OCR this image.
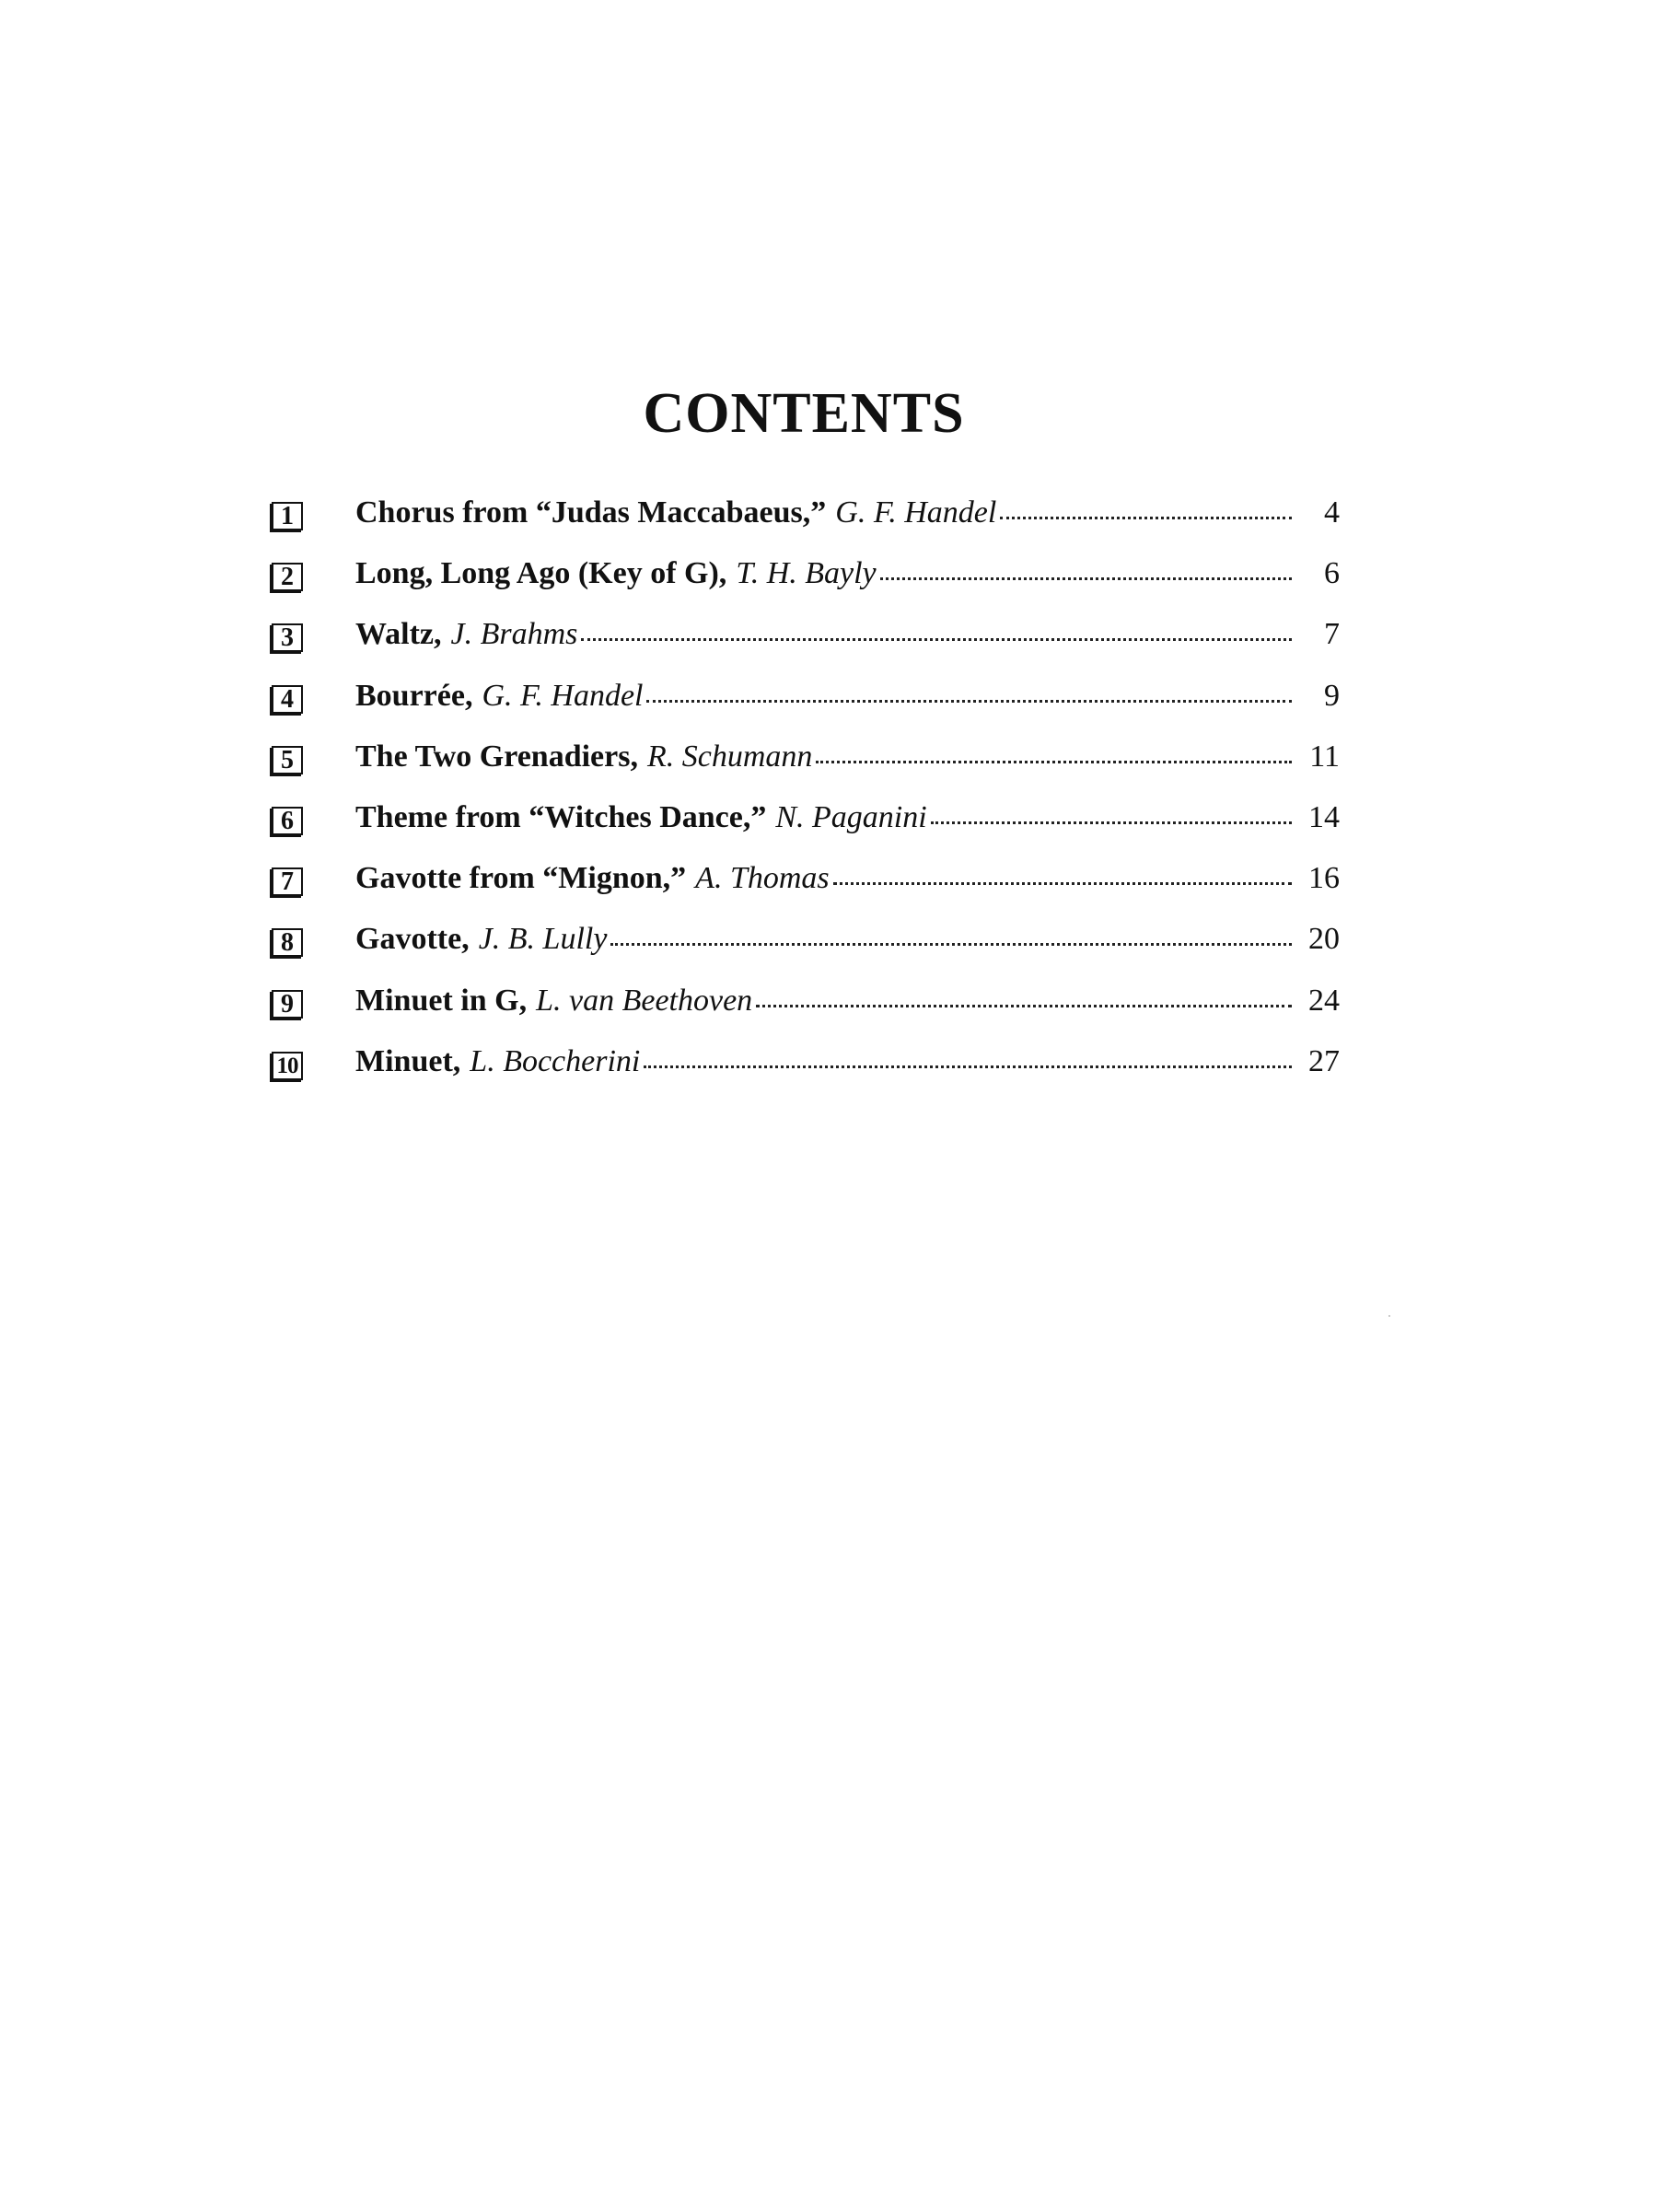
CONTENTS
1 Chorus from “Judas Maccabaeus,” G. F. Handel	4
2 Long, Long Ago (Key of G), T. H. Bayly	6
3 Waltz, J. Brahms	7
4 Bourrée, G. F. Handel	9
5 The Two Grenadiers, R. Schumann	11
6 Theme from “Witches Dance,” N. Paganini	14
7 Gavotte from “Mignon,” A. Thomas	16
8 Gavotte, J. B. Lully	20
9 Minuet in G, L. van Beethoven	24
10 Minuet, L. Boccherini	27
